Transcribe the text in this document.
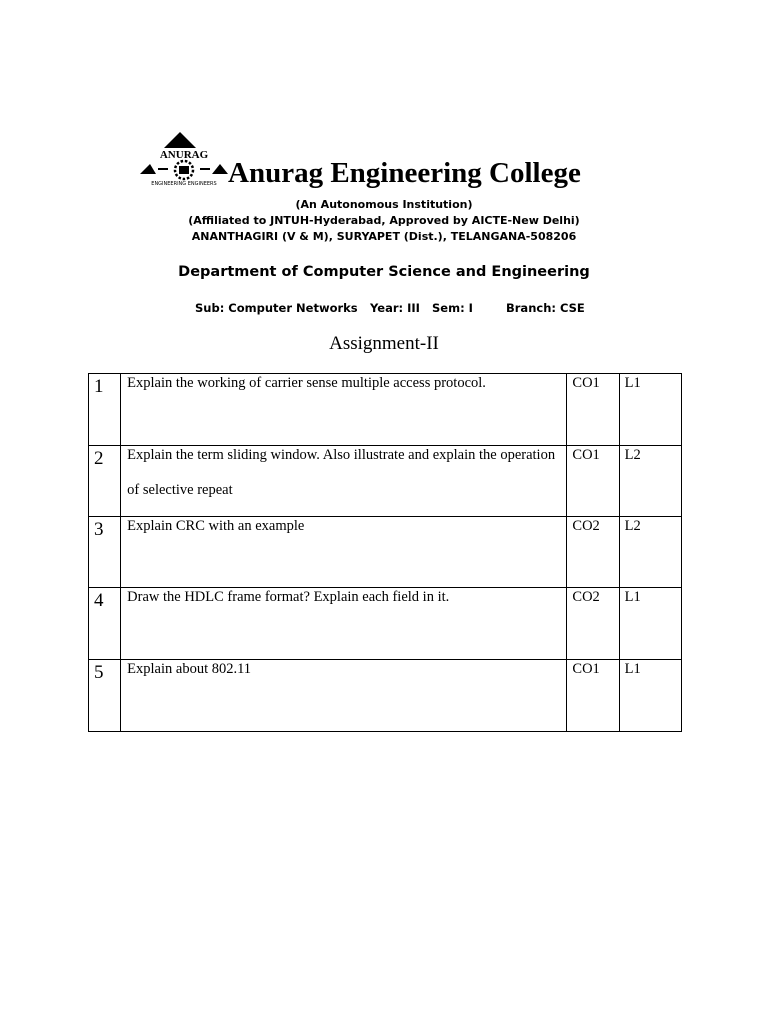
ANURAG
ENGINEERING ENGINEERS Anurag Engineering College
(An Autonomous Institution)
(Affiliated to JNTUH-Hyderabad, Approved by AICTE-New Delhi)
ANANTHAGIRI (V & M), SURYAPET (Dist.), TELANGANA-508206
Department of Computer Science and Engineering
Sub: Computer Networks Year: III Sem: I	Branch: CSE
Assignment-II
1	Explain the working of carrier sense multiple access protocol.	CO1	L1

2	Explain the term sliding window. Also illustrate and explain the operation of selective repeat	CO1	L2

3	Explain CRC with an example	CO2	L2

4	Draw the HDLC frame format? Explain each field in it.	CO2	L1

5	Explain about 802.11	CO1	L1
